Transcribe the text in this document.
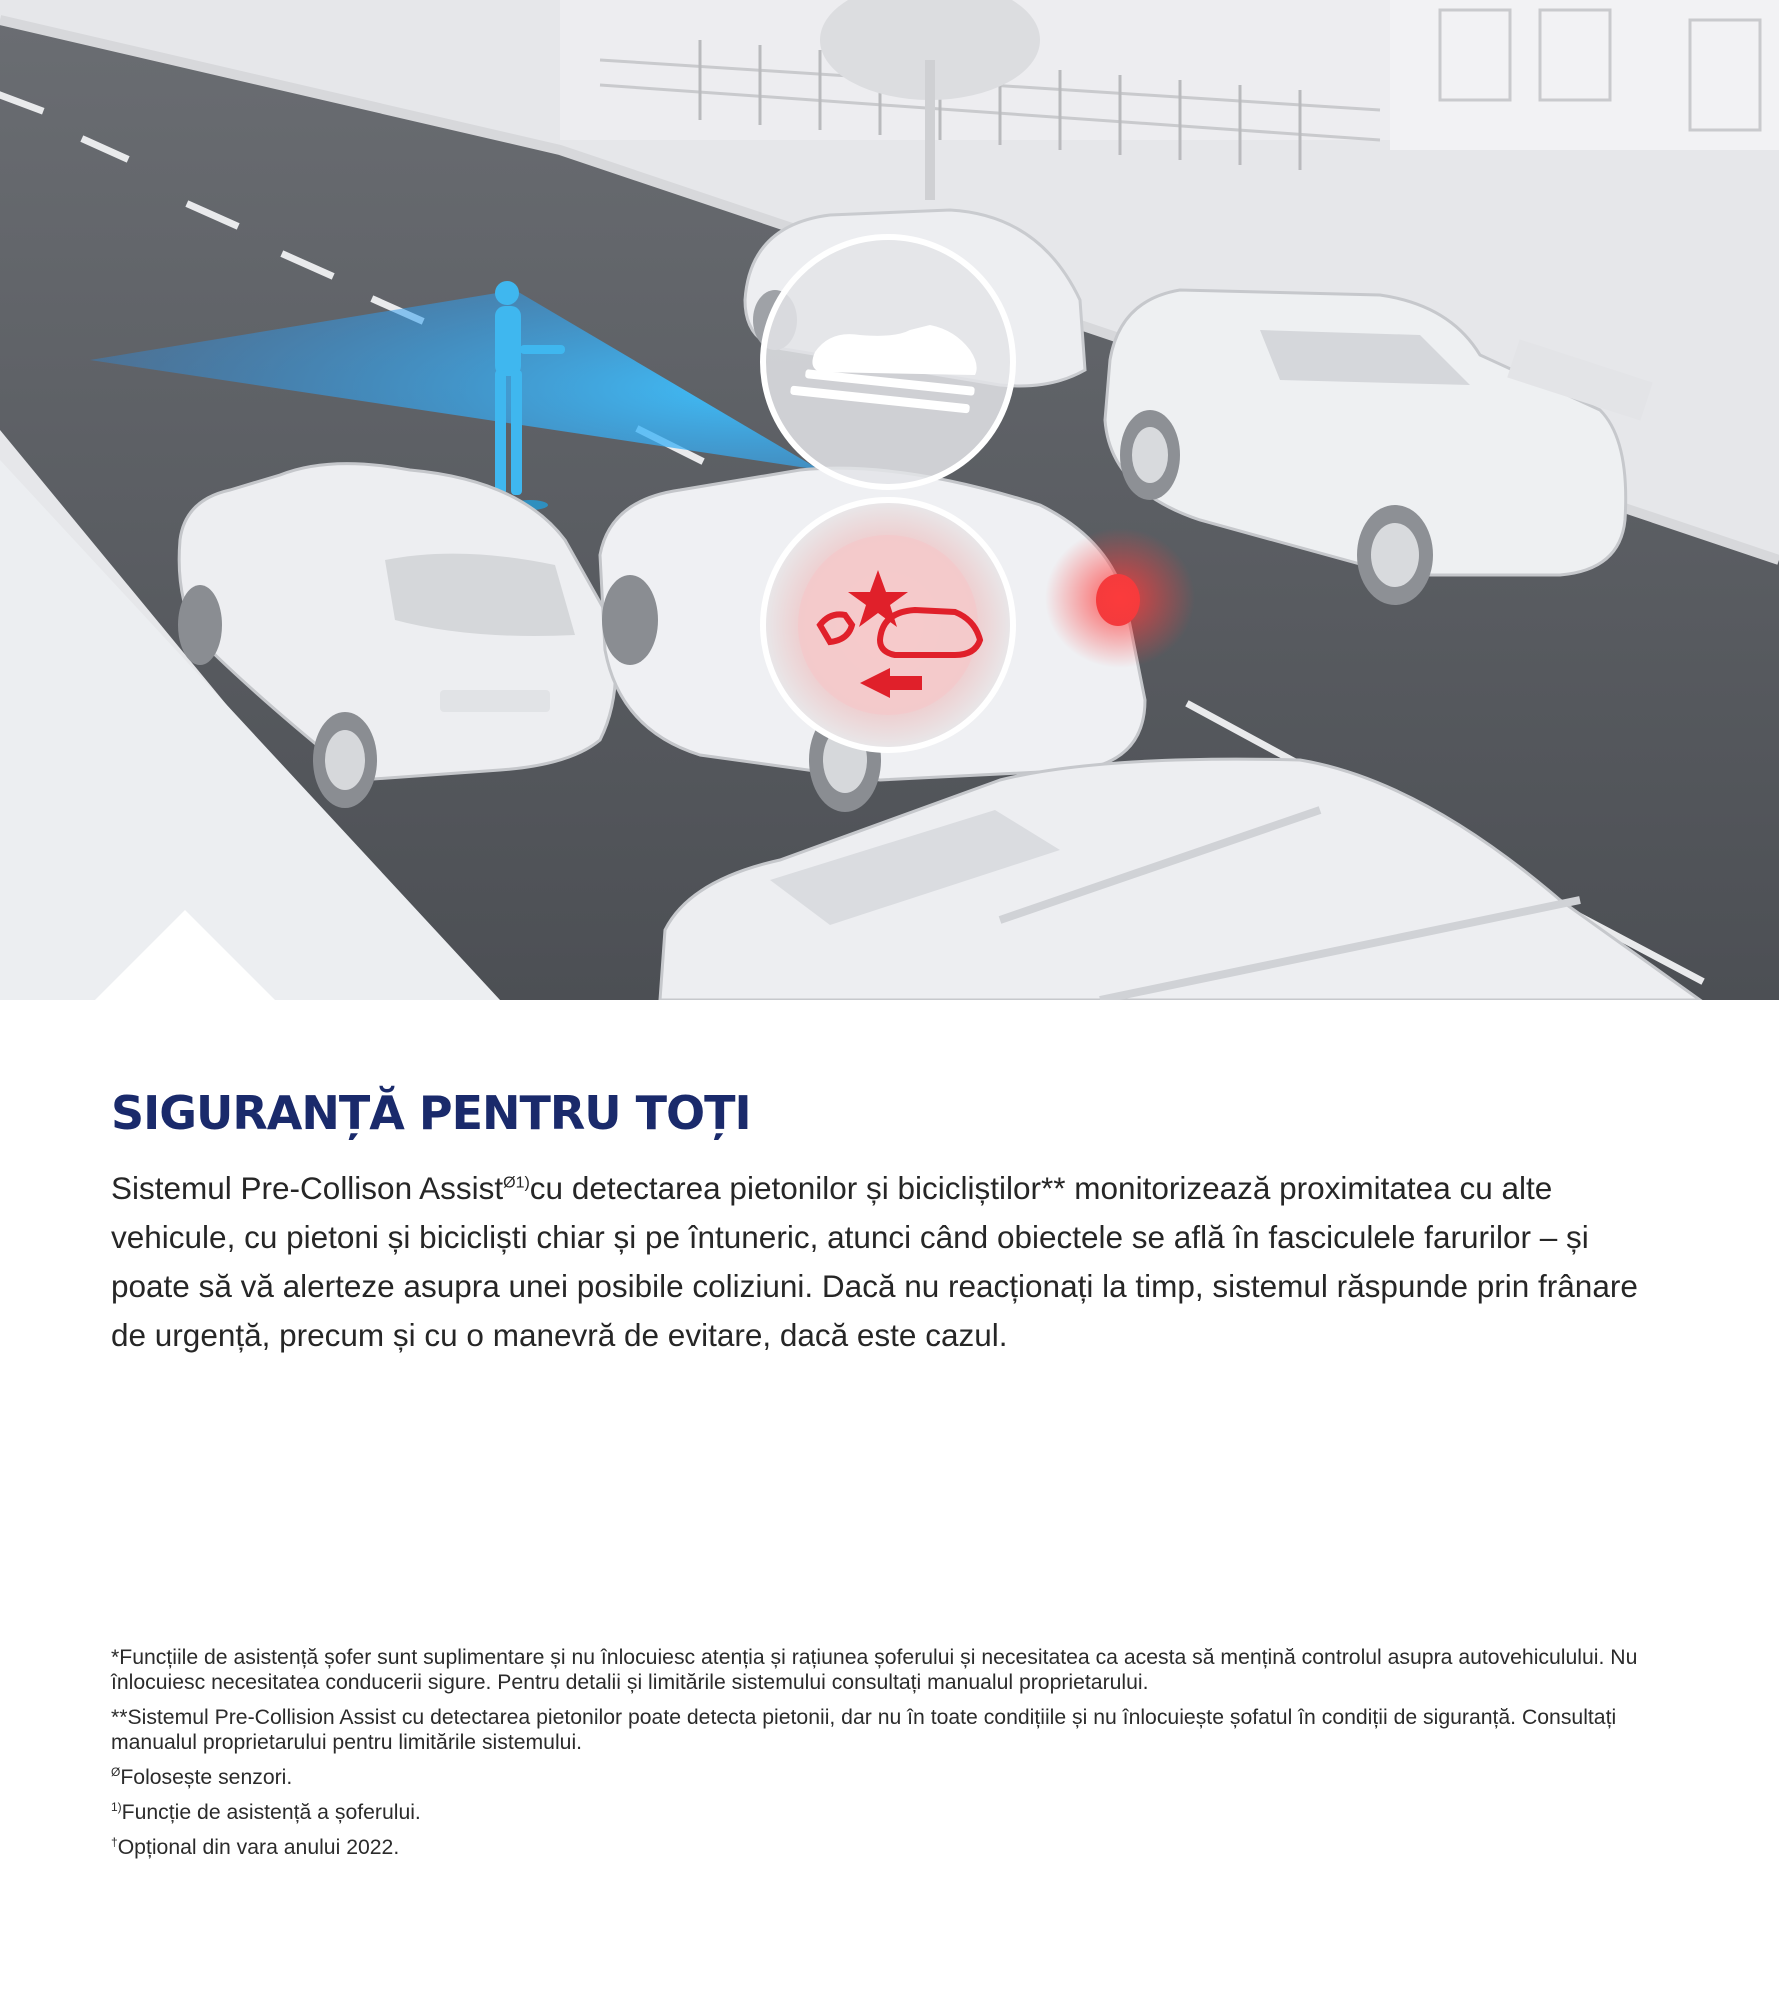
SIGURANȚĂ PENTRU TOȚI

Sistemul Pre-Collison Assist$^{Ø1)}$cu detectarea pietonilor și bicicliștilor** monitorizează proximitatea cu alte vehicule, cu pietoni și bicicliști chiar și pe întuneric, atunci când obiectele se află în fasciculele farurilor – și poate să vă alerteze asupra unei posibile coliziuni. Dacă nu reacționați la timp, sistemul răspunde prin frânare de urgență, precum și cu o manevră de evitare, dacă este cazul.

*Funcțiile de asistență șofer sunt suplimentare și nu înlocuiesc atenția și rațiunea șoferului și necesitatea ca acesta să mențină controlul asupra autovehiculului. Nu înlocuiesc necesitatea conducerii sigure. Pentru detalii și limitările sistemului consultați manualul proprietarului.

**Sistemul Pre-Collision Assist cu detectarea pietonilor poate detecta pietonii, dar nu în toate condițiile și nu înlocuiește șofatul în condiții de siguranță. Consultați manualul proprietarului pentru limitările sistemului.

$^Ø$Folosește senzori.

$^{1)}$Funcție de asistență a șoferului.

†Opțional din vara anului 2022.
